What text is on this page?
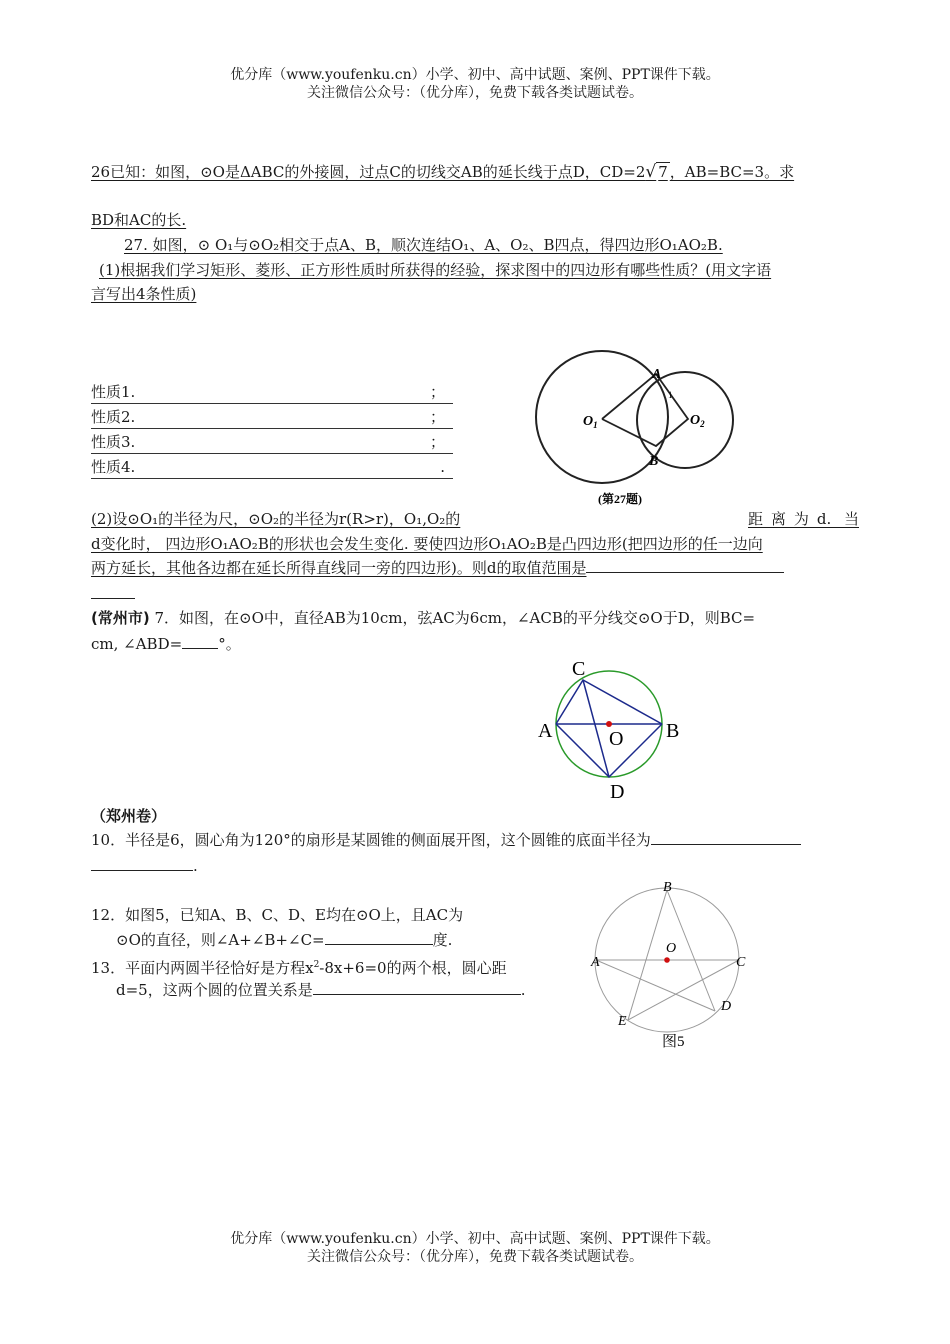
优分库（www.youfenku.cn）小学、初中、高中试题、案例、PPT课件下载。
关注微信公众号：（优分库），免费下载各类试题试卷。
26已知：如图，⊙O是ΔABC的外接圆，过点C的切线交AB的延长线于点D，CD=2√ 7 ，AB=BC=3。求
BD和AC的长.
27. 如图，⊙ O₁与⊙O₂相交于点A、B，顺次连结O₁、A、O₂、B四点，得四边形O₁AO₂B.
(1)根据我们学习矩形、菱形、正方形性质时所获得的经验，探求图中的四边形有哪些性质？(用文字语
言写出4条性质)
性质1.	；
性质2.	；
性质3.	；
性质4.	.
A
1
$O_1$	$O_2$
B
(第27题)
(2)设⊙O₁的半径为尺，⊙O₂的半径为r(R>r)，O₁,O₂的	距离为d. 当
d变化时， 四边形O₁AO₂B的形状也会发生变化. 要使四边形O₁AO₂B是凸四边形(把四边形的任一边向
两方延长，其他各边都在延长所得直线同一旁的四边形)。则d的取值范围是
(常州市) 7．如图，在⊙O中，直径AB为10cm，弦AC为6cm，∠ACB的平分线交⊙O于D，则BC=
cm, ∠ABD= °。
C
A	O B
D
（郑州卷）
10．半径是6，圆心角为120°的扇形是某圆锥的侧面展开图，这个圆锥的底面半径为
.
12．如图5，已知A、B、C、D、E均在⊙O上，且AC为
⊙O的直径，则∠A+∠B+∠C=	度.
13．平面内两圆半径恰好是方程$x^2-8x+6=0$的两个根，圆心距
d=5，这两个圆的位置关系是	.
B
O
A	C
D
E
图5
优分库（www.youfenku.cn）小学、初中、高中试题、案例、PPT课件下载。
关注微信公众号：（优分库），免费下载各类试题试卷。
